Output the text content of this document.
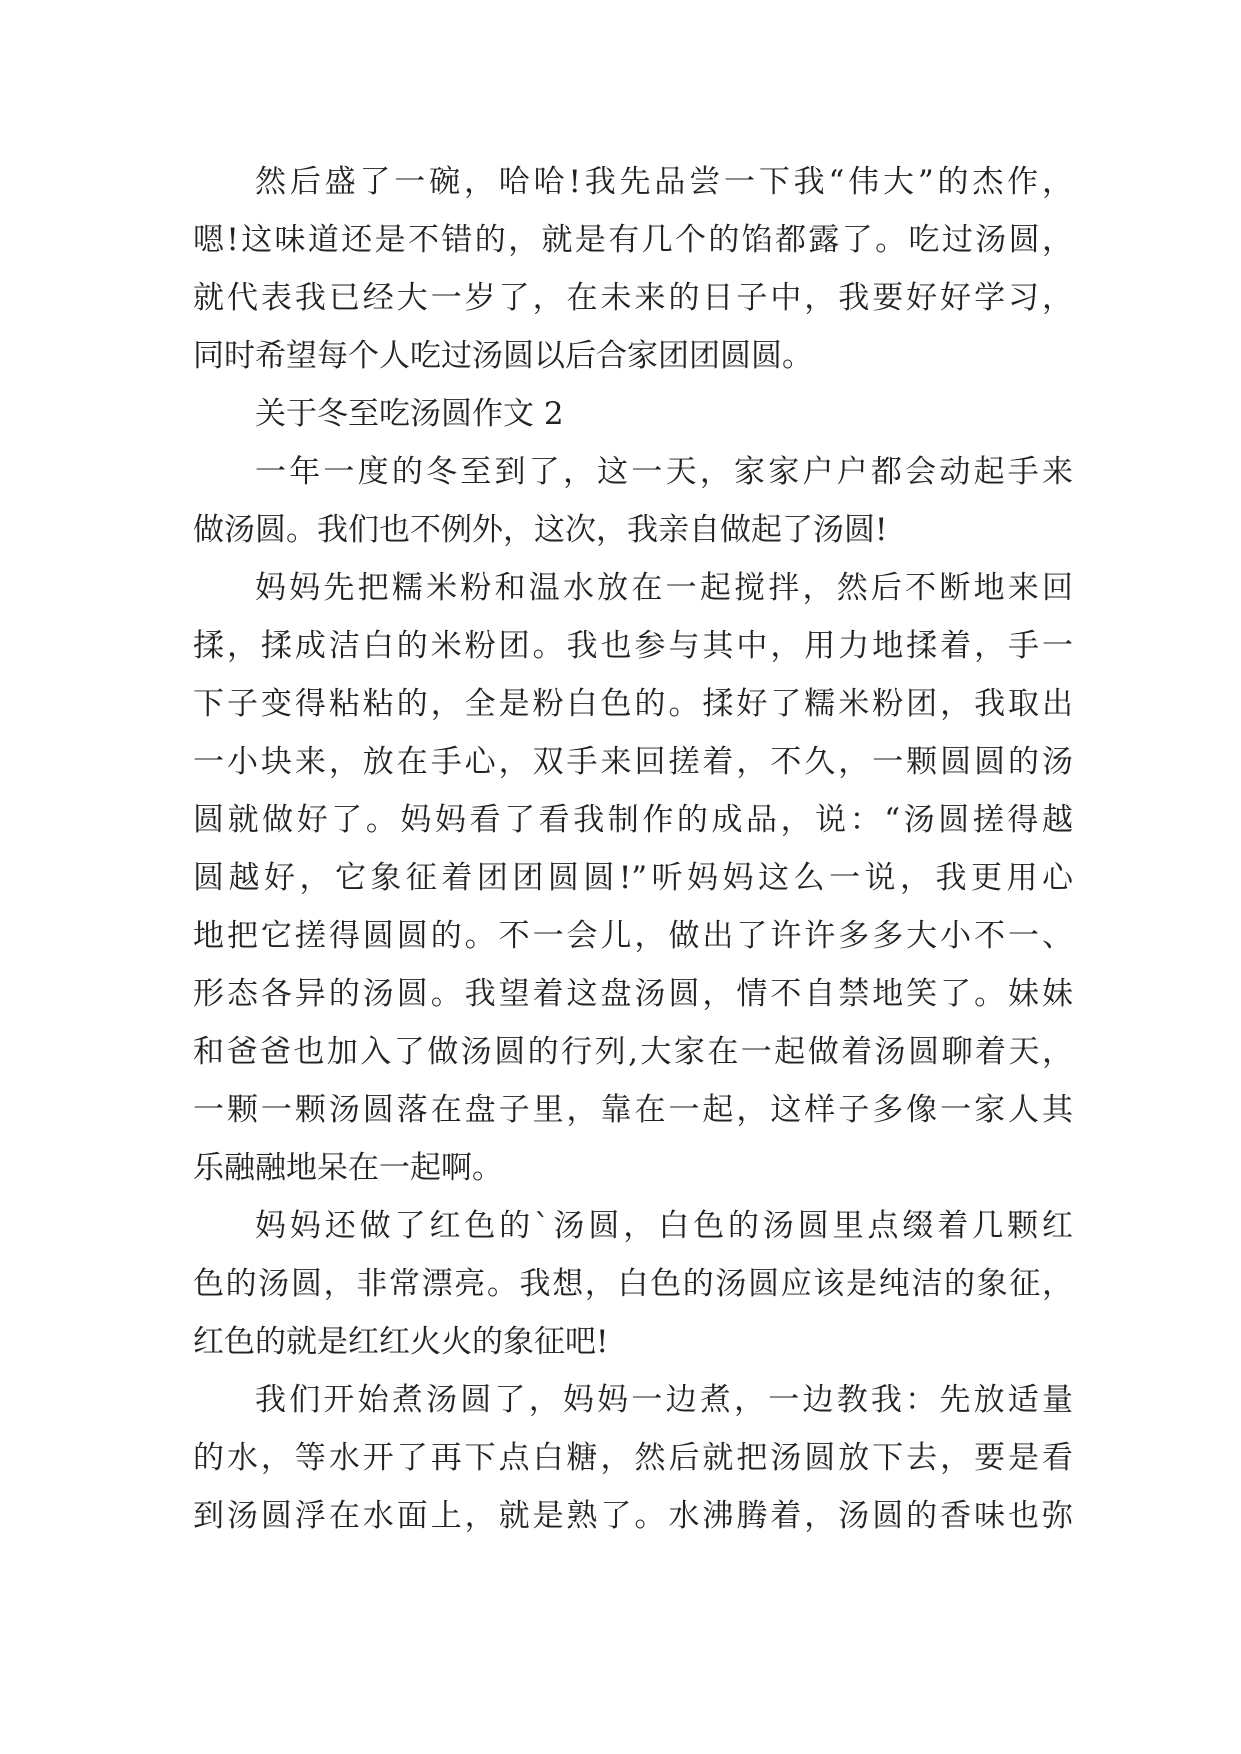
然后盛了一碗，哈哈!我先品尝一下我“伟大”的杰作，
嗯!这味道还是不错的，就是有几个的馅都露了。吃过汤圆，
就代表我已经大一岁了，在未来的日子中，我要好好学习，
同时希望每个人吃过汤圆以后合家团团圆圆。
关于冬至吃汤圆作文 2
一年一度的冬至到了，这一天，家家户户都会动起手来
做汤圆。我们也不例外，这次，我亲自做起了汤圆!
妈妈先把糯米粉和温水放在一起搅拌，然后不断地来回
揉，揉成洁白的米粉团。我也参与其中，用力地揉着，手一
下子变得粘粘的，全是粉白色的。揉好了糯米粉团，我取出
一小块来，放在手心，双手来回搓着，不久，一颗圆圆的汤
圆就做好了。妈妈看了看我制作的成品，说：“汤圆搓得越
圆越好，它象征着团团圆圆!”听妈妈这么一说，我更用心
地把它搓得圆圆的。不一会儿，做出了许许多多大小不一、
形态各异的汤圆。我望着这盘汤圆，情不自禁地笑了。妹妹
和爸爸也加入了做汤圆的行列,大家在一起做着汤圆聊着天，
一颗一颗汤圆落在盘子里，靠在一起，这样子多像一家人其
乐融融地呆在一起啊。
妈妈还做了红色的`汤圆，白色的汤圆里点缀着几颗红
色的汤圆，非常漂亮。我想，白色的汤圆应该是纯洁的象征，
红色的就是红红火火的象征吧!
我们开始煮汤圆了，妈妈一边煮，一边教我：先放适量
的水，等水开了再下点白糖，然后就把汤圆放下去，要是看
到汤圆浮在水面上，就是熟了。水沸腾着，汤圆的香味也弥
